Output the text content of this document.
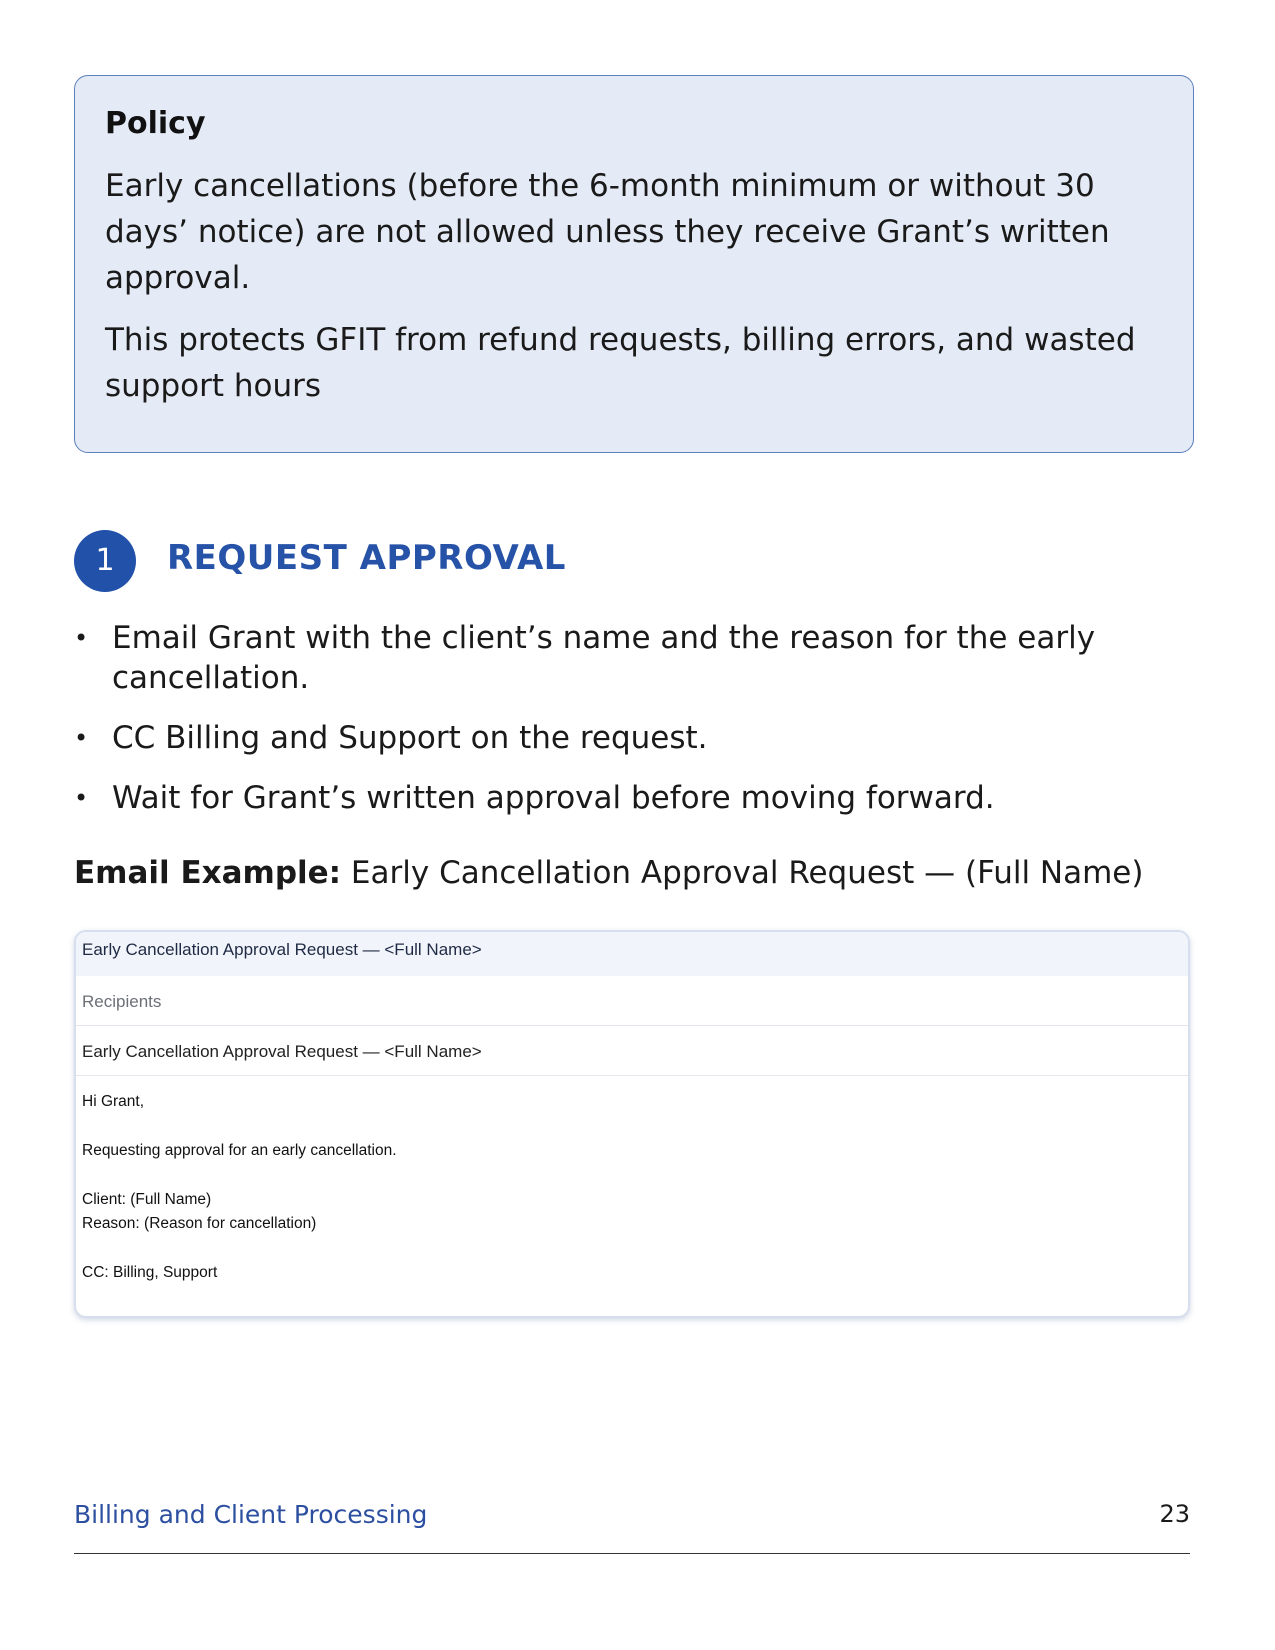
Policy

Early cancellations (before the 6-month minimum or without 30 days’ notice) are not allowed unless they receive Grant’s written approval.

This protects GFIT from refund requests, billing errors, and wasted support hours

1	REQUEST APPROVAL
• Email Grant with the client’s name and the reason for the early cancellation.
• CC Billing and Support on the request.
• Wait for Grant’s written approval before moving forward.
Email Example: Early Cancellation Approval Request — (Full Name)
Early Cancellation Approval Request — <Full Name>
Recipients
Early Cancellation Approval Request — <Full Name>

Hi Grant,

Requesting approval for an early cancellation.

Client: (Full Name)

Reason: (Reason for cancellation)

CC: Billing, Support

Billing and Client Processing	23
